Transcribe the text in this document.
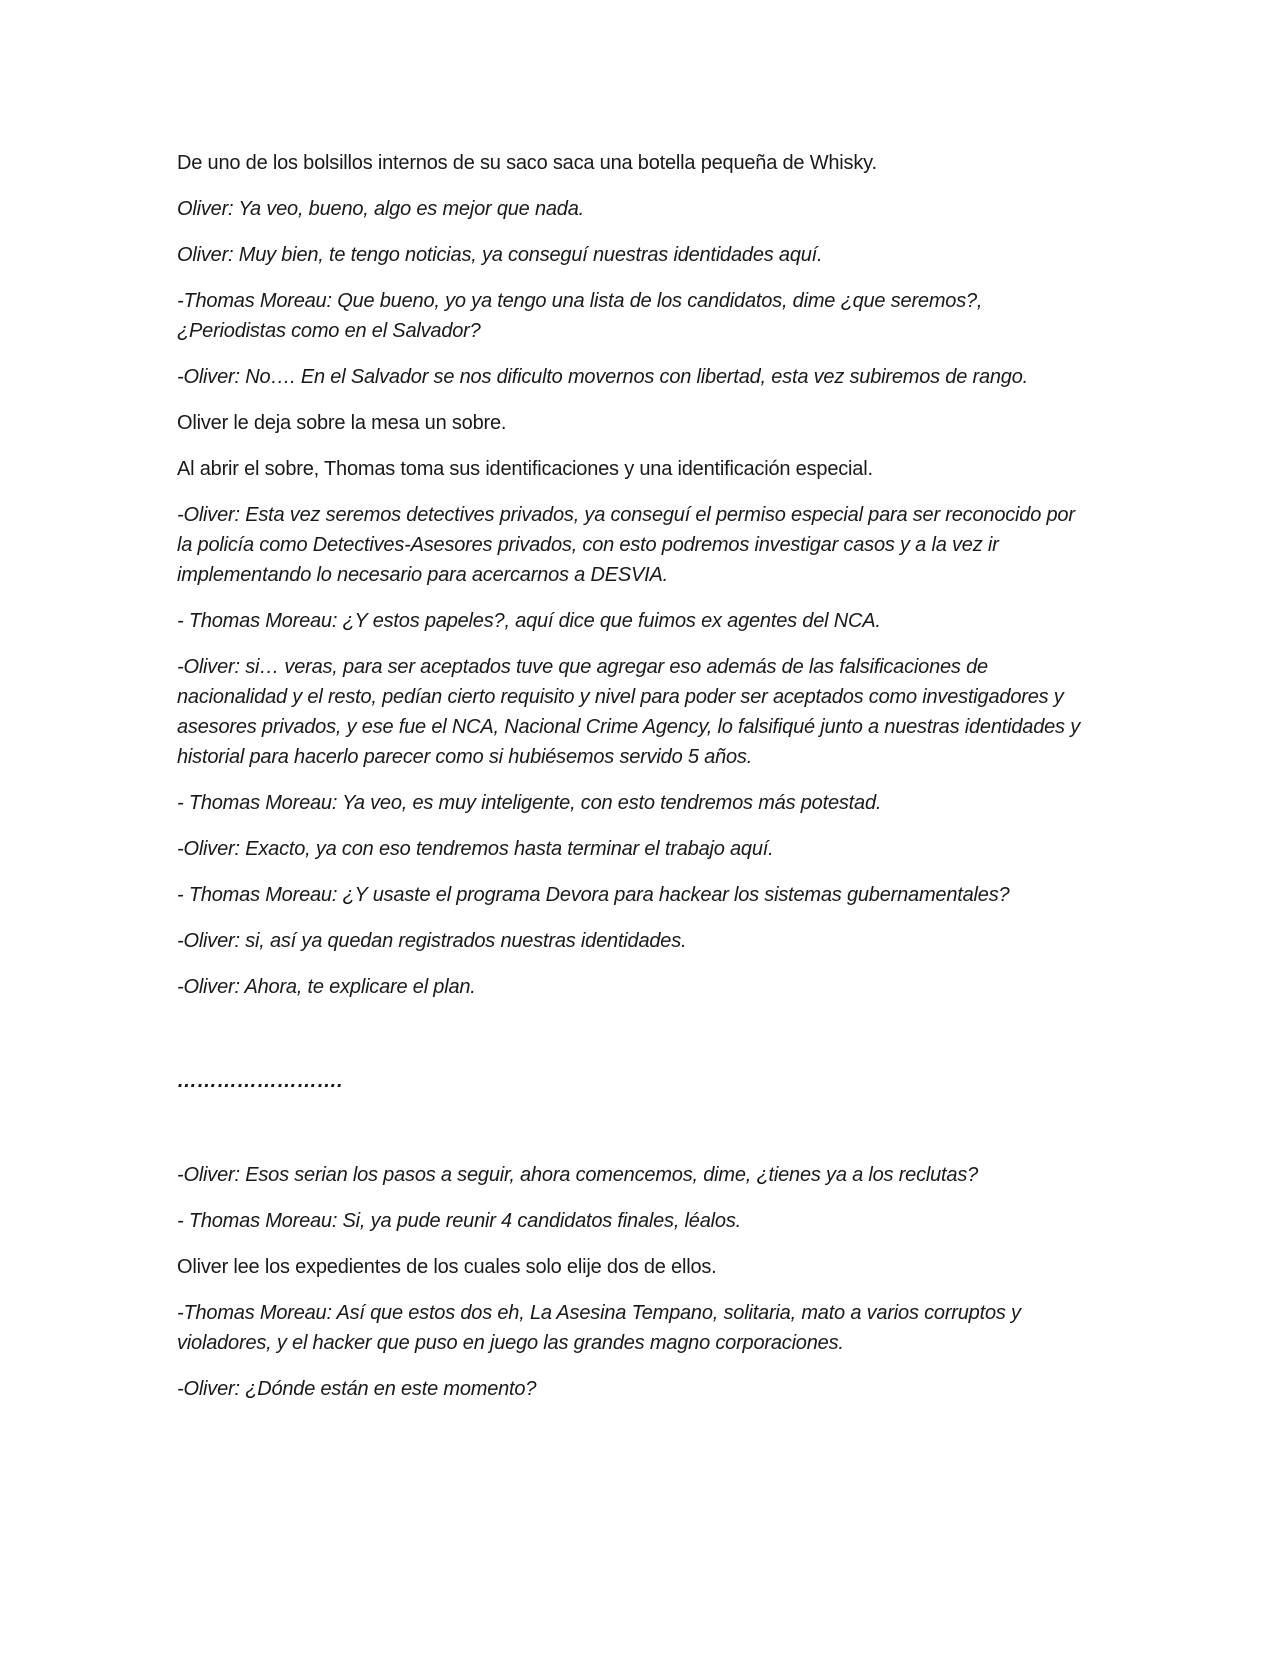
De uno de los bolsillos internos de su saco saca una botella pequeña de Whisky.

Oliver: Ya veo, bueno, algo es mejor que nada.

Oliver: Muy bien, te tengo noticias, ya conseguí nuestras identidades aquí.

-Thomas Moreau: Que bueno, yo ya tengo una lista de los candidatos, dime ¿que seremos?, ¿Periodistas como en el Salvador?

-Oliver: No…. En el Salvador se nos dificulto movernos con libertad, esta vez subiremos de rango.

Oliver le deja sobre la mesa un sobre.

Al abrir el sobre, Thomas toma sus identificaciones y una identificación especial.

-Oliver: Esta vez seremos detectives privados, ya conseguí el permiso especial para ser reconocido por la policía como Detectives-Asesores privados, con esto podremos investigar casos y a la vez ir implementando lo necesario para acercarnos a DESVIA.

- Thomas Moreau: ¿Y estos papeles?, aquí dice que fuimos ex agentes del NCA.

-Oliver: si… veras, para ser aceptados tuve que agregar eso además de las falsificaciones de nacionalidad y el resto, pedían cierto requisito y nivel para poder ser aceptados como investigadores y asesores privados, y ese fue el NCA, Nacional Crime Agency, lo falsifiqué junto a nuestras identidades y historial para hacerlo parecer como si hubiésemos servido 5 años.

- Thomas Moreau: Ya veo, es muy inteligente, con esto tendremos más potestad.

-Oliver: Exacto, ya con eso tendremos hasta terminar el trabajo aquí.

- Thomas Moreau: ¿Y usaste el programa Devora para hackear los sistemas gubernamentales?

-Oliver: si, así ya quedan registrados nuestras identidades.

-Oliver: Ahora, te explicare el plan.

…………………….

-Oliver: Esos serian los pasos a seguir, ahora comencemos, dime, ¿tienes ya a los reclutas?

- Thomas Moreau: Si, ya pude reunir 4 candidatos finales, léalos.

Oliver lee los expedientes de los cuales solo elije dos de ellos.

-Thomas Moreau: Así que estos dos eh, La Asesina Tempano, solitaria, mato a varios corruptos y violadores, y el hacker que puso en juego las grandes magno corporaciones.

-Oliver: ¿Dónde están en este momento?
